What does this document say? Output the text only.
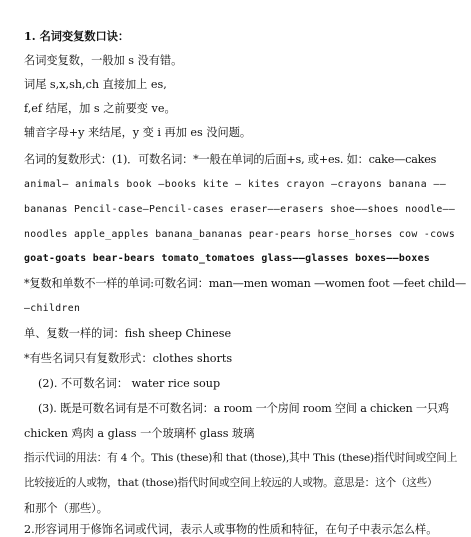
1. 名词变复数口诀：
名词变复数，一般加 s 没有错。
词尾 s,x,sh,ch 直接加上 es,
f,ef 结尾，加 s 之前要变 ve。
辅音字母+y 来结尾，y 变 i 再加 es 没问题。
名词的复数形式：(1)．可数名词：*一般在单词的后面+s, 或+es. 如：cake—cakes
animal— animals book —books kite — kites crayon —crayons banana ——
bananas Pencil-case—Pencil-cases eraser——erasers shoe——shoes noodle——
noodles apple_apples banana_bananas pear-pears horse_horses cow -cows
goat-goats bear-bears tomato_tomatoes glass——glasses boxes——boxes
*复数和单数不一样的单词:可数名词：man—men woman —women foot —feet child—
—children
单、复数一样的词：fish sheep Chinese
*有些名词只有复数形式：clothes shorts
(2). 不可数名词： water rice soup
(3). 既是可数名词有是不可数名词：a room 一个房间 room 空间 a chicken 一只鸡
chicken 鸡肉 a glass 一个玻璃杯 glass 玻璃
指示代词的用法：有 4 个。This (these)和 that (those),其中 This (these)指代时间或空间上
比较接近的人或物，that (those)指代时间或空间上较远的人或物。意思是：这个（这些）
和那个（那些）。
2.形容词用于修饰名词或代词，表示人或事物的性质和特征，在句子中表示怎么样。
